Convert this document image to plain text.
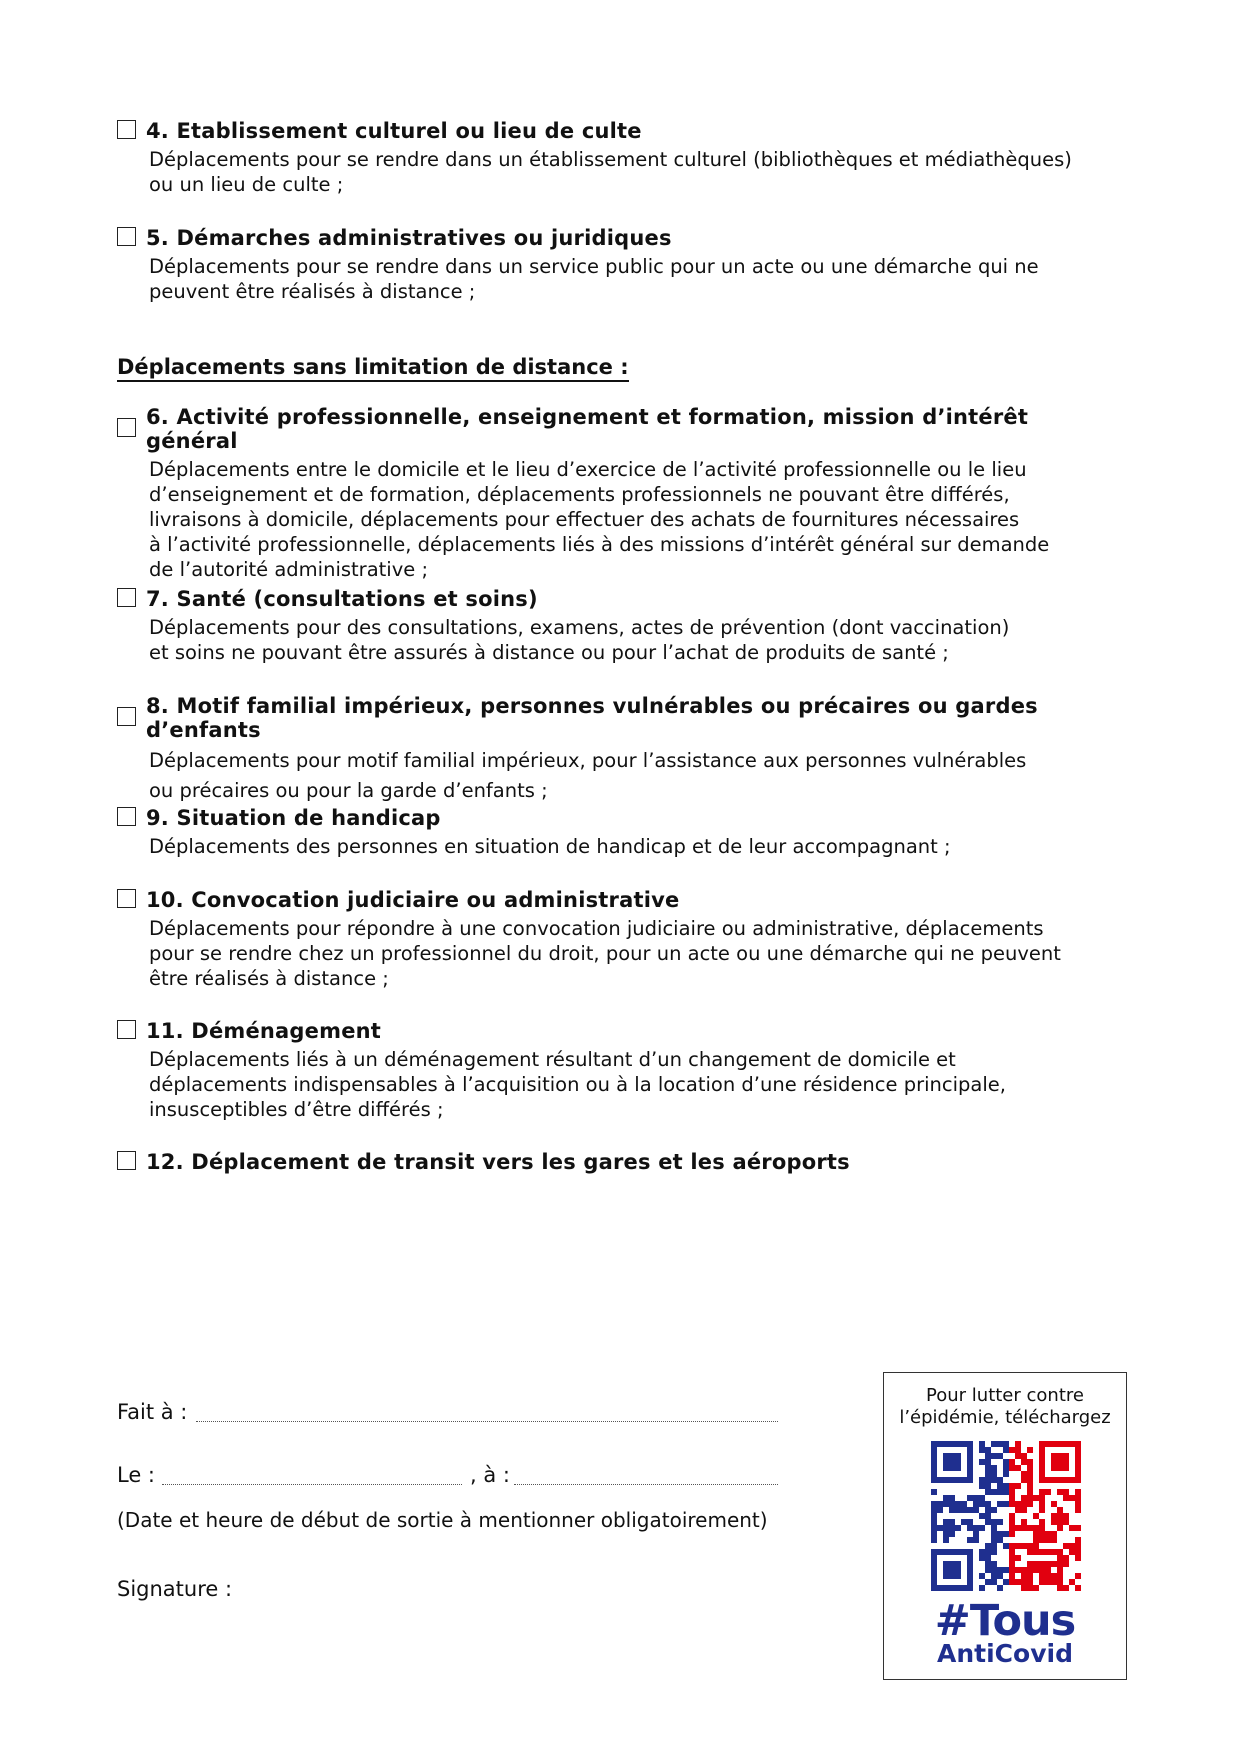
4. Etablissement culturel ou lieu de culte
Déplacements pour se rendre dans un établissement culturel (bibliothèques et médiathèques)
ou un lieu de culte ;
5. Démarches administratives ou juridiques
Déplacements pour se rendre dans un service public pour un acte ou une démarche qui ne
peuvent être réalisés à distance ;
Déplacements sans limitation de distance :
6. Activité professionnelle, enseignement et formation, mission d’intérêt général
Déplacements entre le domicile et le lieu d’exercice de l’activité professionnelle ou le lieu
d’enseignement et de formation, déplacements professionnels ne pouvant être différés,
livraisons à domicile, déplacements pour effectuer des achats de fournitures nécessaires
à l’activité professionnelle, déplacements liés à des missions d’intérêt général sur demande
de l’autorité administrative ;
7. Santé (consultations et soins)
Déplacements pour des consultations, examens, actes de prévention (dont vaccination)
et soins ne pouvant être assurés à distance ou pour l’achat de produits de santé ;
8. Motif familial impérieux, personnes vulnérables ou précaires ou gardes d’enfants
Déplacements pour motif familial impérieux, pour l’assistance aux personnes vulnérables
ou précaires ou pour la garde d’enfants ;
9. Situation de handicap
Déplacements des personnes en situation de handicap et de leur accompagnant ;
10. Convocation judiciaire ou administrative
Déplacements pour répondre à une convocation judiciaire ou administrative, déplacements
pour se rendre chez un professionnel du droit, pour un acte ou une démarche qui ne peuvent
être réalisés à distance ;
11. Déménagement
Déplacements liés à un déménagement résultant d’un changement de domicile et
déplacements indispensables à l’acquisition ou à la location d’une résidence principale,
insusceptibles d’être différés ;
12. Déplacement de transit vers les gares et les aéroports
Fait à :
Le :	, à :
(Date et heure de début de sortie à mentionner obligatoirement)
Signature :
Pour lutter contre
l’épidémie, téléchargez
#Tous
AntiCovid
